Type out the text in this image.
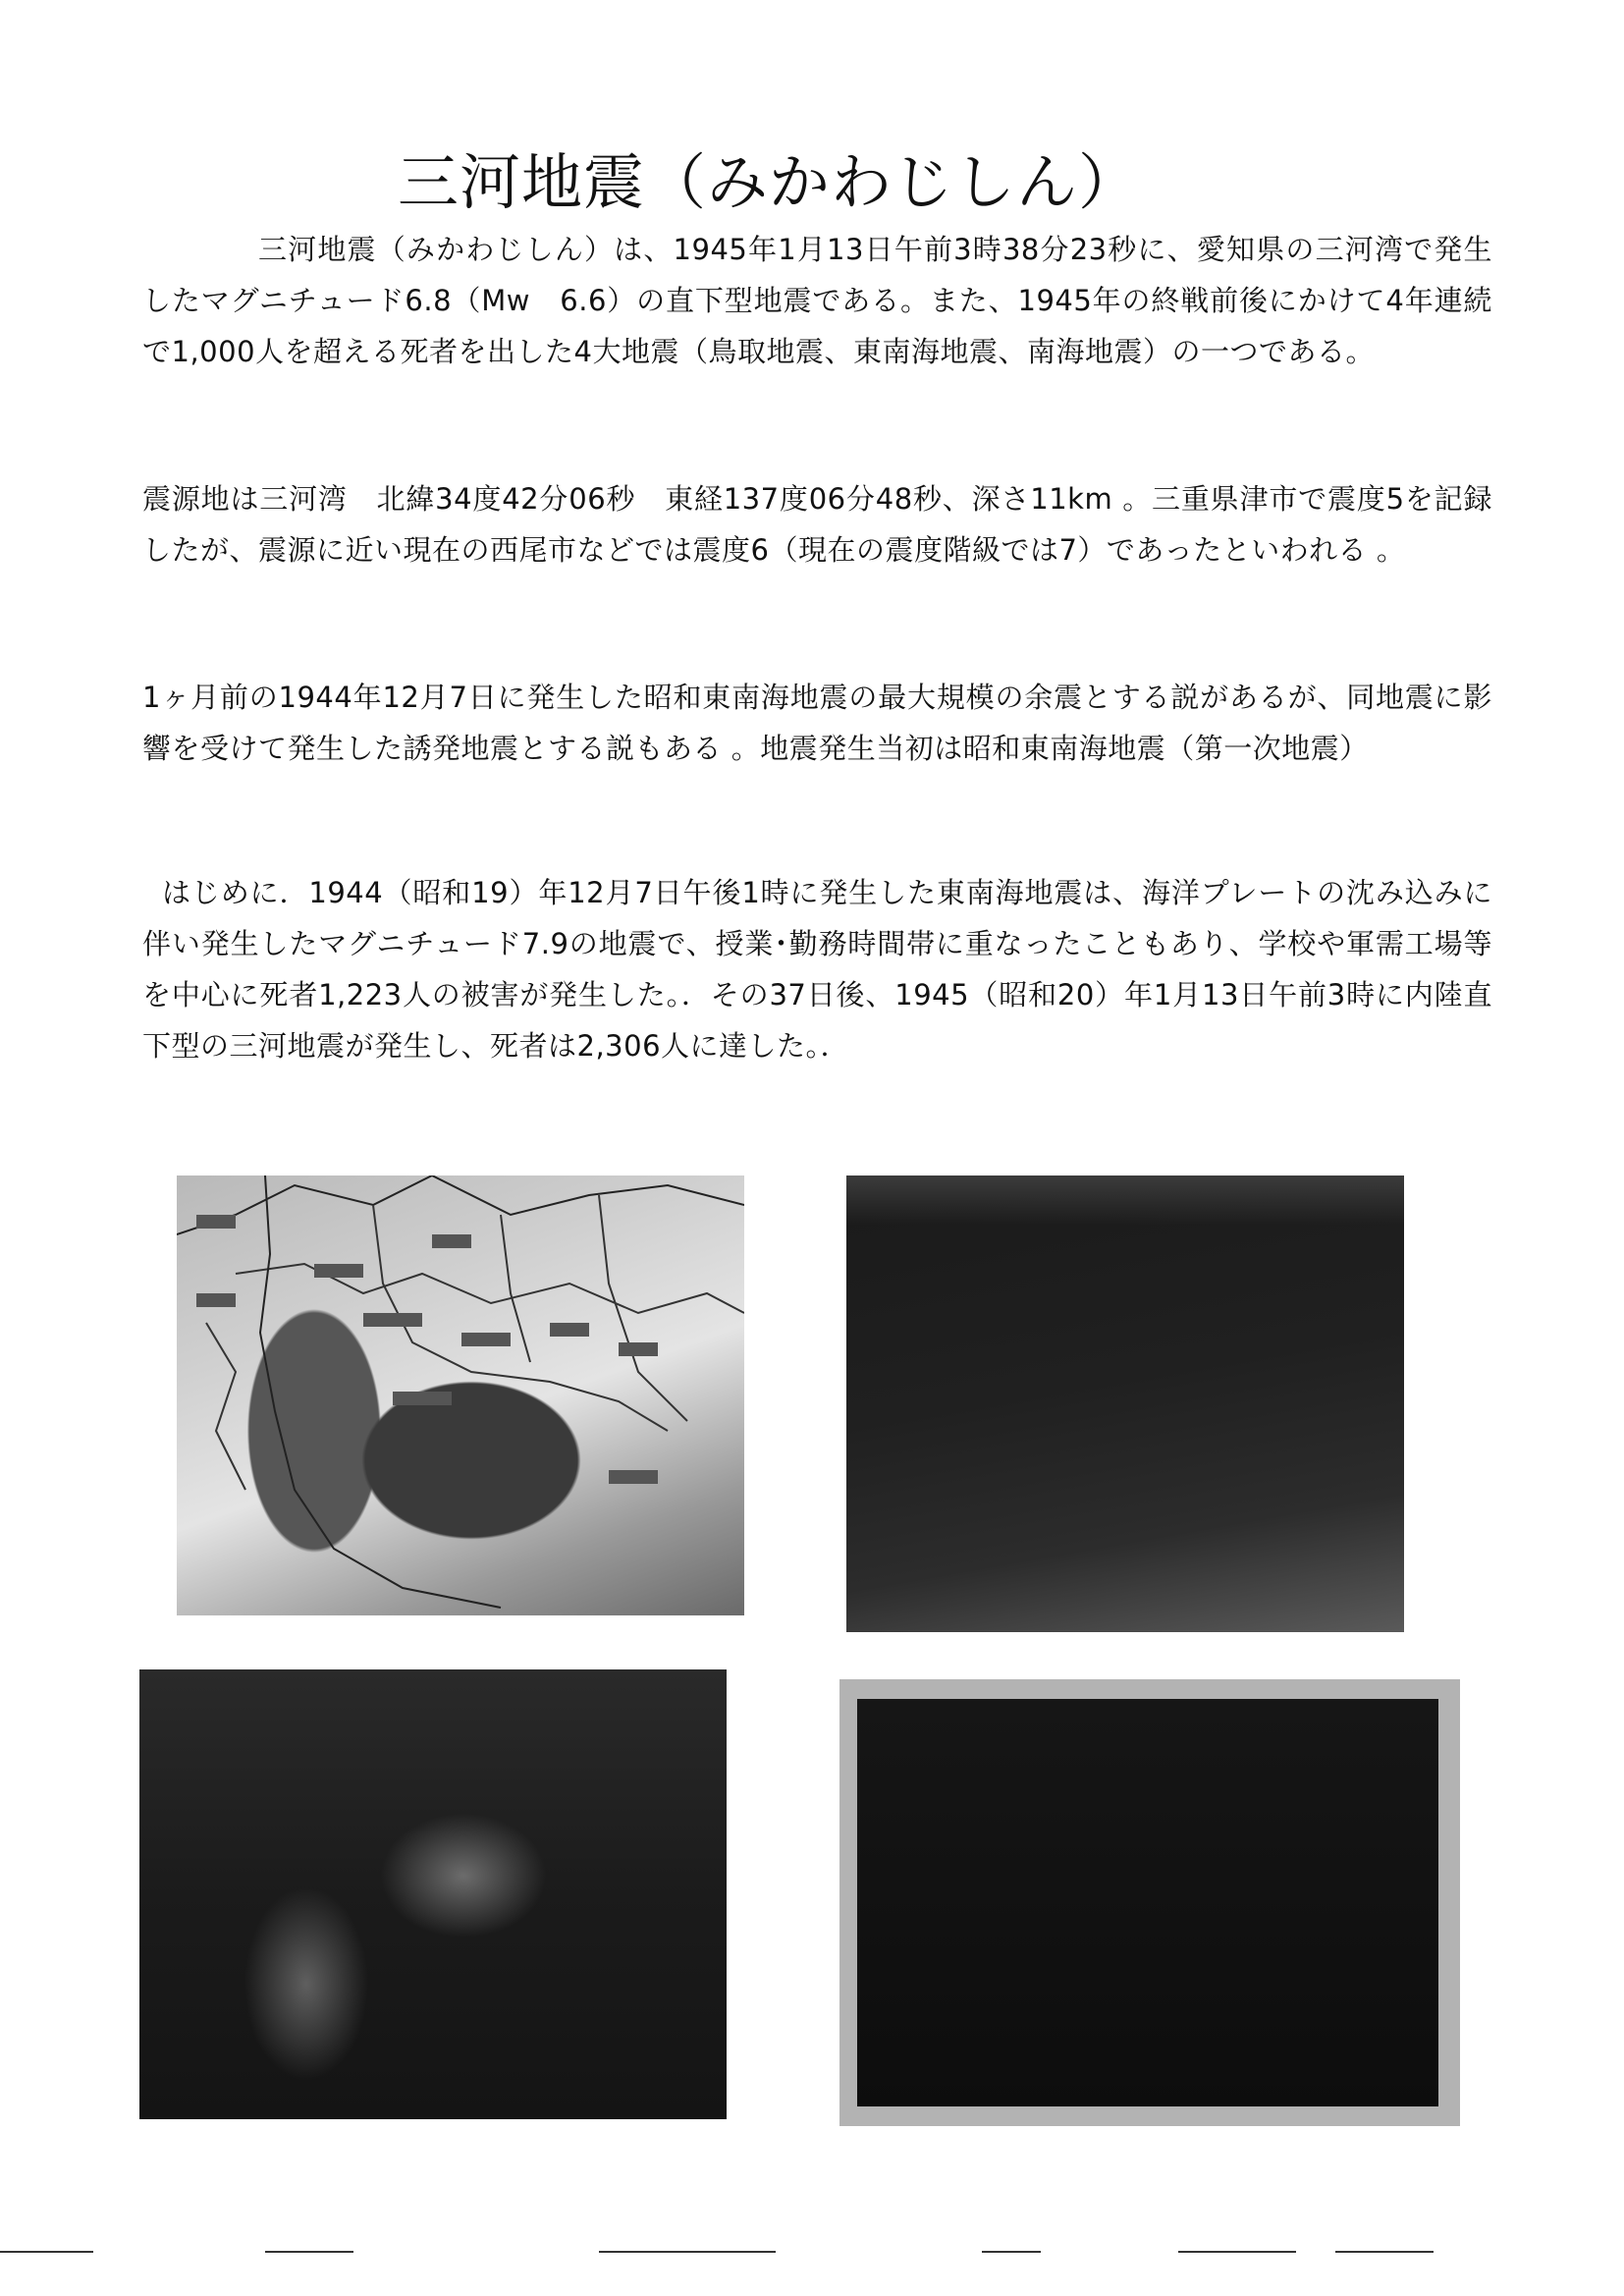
三河地震（みかわじしん）

三河地震（みかわじしん）は、1945年1月13日午前3時38分23秒に、愛知県の三河湾で発生したマグニチュード6.8（Mw　6.6）の直下型地震である。また、1945年の終戦前後にかけて4年連続で1,000人を超える死者を出した4大地震（鳥取地震、東南海地震、南海地震）の一つである。

震源地は三河湾　北緯34度42分06秒　東経137度06分48秒、深さ11km 。三重県津市で震度5を記録したが、震源に近い現在の西尾市などでは震度6（現在の震度階級では7）であったといわれる 。

1ヶ月前の1944年12月7日に発生した昭和東南海地震の最大規模の余震とする説があるが、同地震に影響を受けて発生した誘発地震とする説もある 。地震発生当初は昭和東南海地震（第一次地震）

はじめに．1944（昭和19）年12月7日午後1時に発生した東南海地震は、海洋プレートの沈み込みに伴い発生したマグニチュード7.9の地震で、授業･勤務時間帯に重なったこともあり、学校や軍需工場等を中心に死者1,223人の被害が発生した。．その37日後、1945（昭和20）年1月13日午前3時に内陸直下型の三河地震が発生し、死者は2,306人に達した。．
